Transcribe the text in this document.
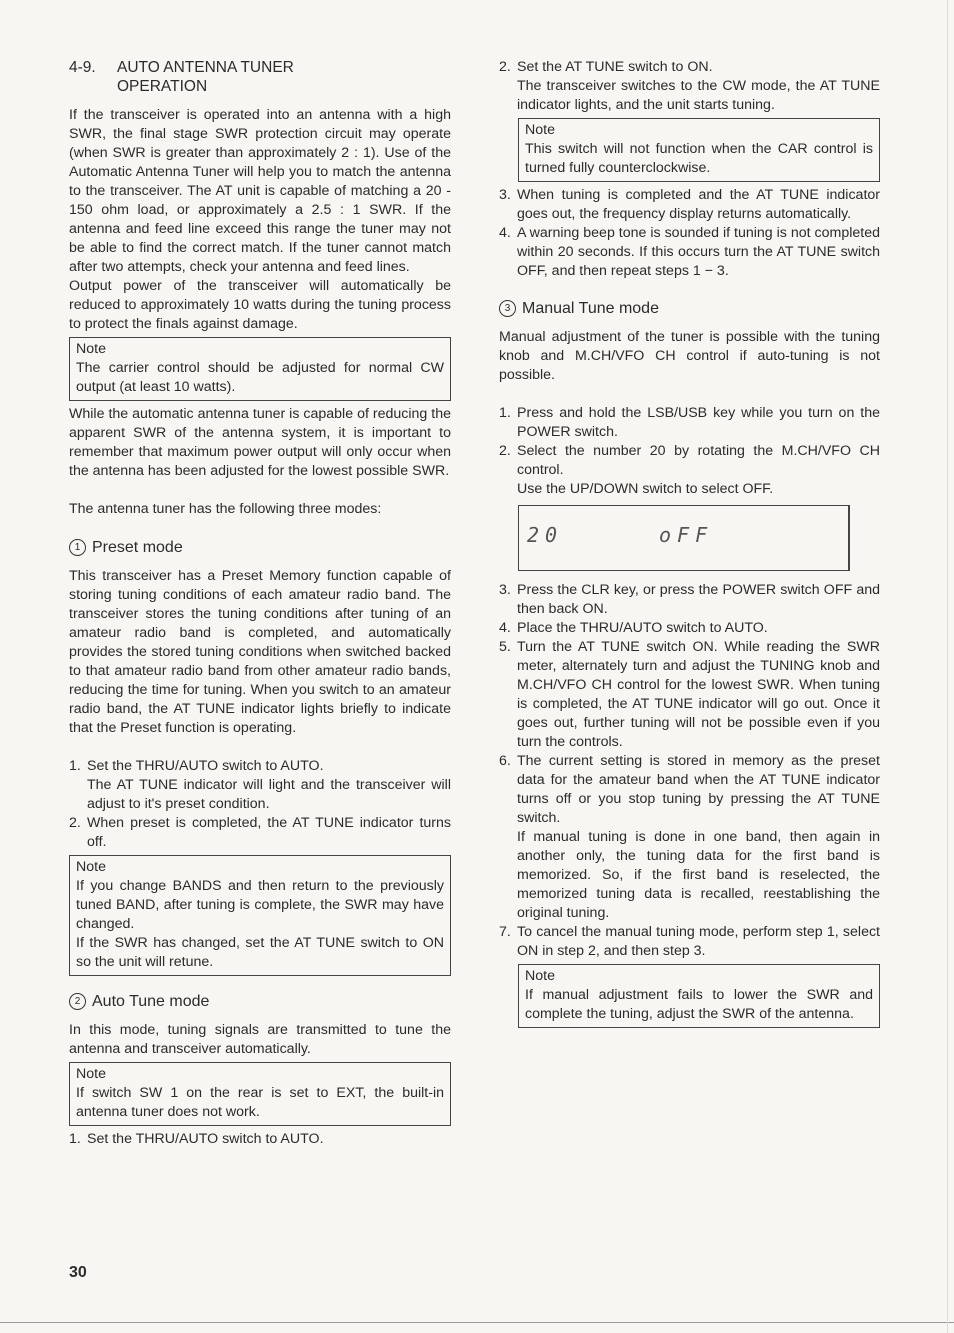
4-9.	AUTO ANTENNA TUNER
OPERATION

If the transceiver is operated into an antenna with a high SWR, the final stage SWR protection circuit may operate (when SWR is greater than approximately 2 : 1). Use of the Automatic Antenna Tuner will help you to match the antenna to the transceiver. The AT unit is capable of matching a 20 - 150 ohm load, or approximately a 2.5 : 1 SWR. If the antenna and feed line exceed this range the tuner may not be able to find the correct match. If the tuner cannot match after two attempts, check your antenna and feed lines.

Output power of the transceiver will automatically be reduced to approximately 10 watts during the tuning process to protect the finals against damage.

Note
The carrier control should be adjusted for normal CW output (at least 10 watts).

While the automatic antenna tuner is capable of reducing the apparent SWR of the antenna system, it is important to remember that maximum power output will only occur when the antenna has been adjusted for the lowest possible SWR.

The antenna tuner has the following three modes:

1 Preset mode

This transceiver has a Preset Memory function capable of storing tuning conditions of each amateur radio band. The transceiver stores the tuning conditions after tuning of an amateur radio band is completed, and automatically provides the stored tuning conditions when switched backed to that amateur radio band from other amateur radio bands, reducing the time for tuning. When you switch to an amateur radio band, the AT TUNE indicator lights briefly to indicate that the Preset function is operating.

1. Set the THRU/AUTO switch to AUTO.
The AT TUNE indicator will light and the transceiver will adjust to it's preset condition.
2. When preset is completed, the AT TUNE indicator turns off.
Note
If you change BANDS and then return to the previously tuned BAND, after tuning is complete, the SWR may have changed.
If the SWR has changed, set the AT TUNE switch to ON so the unit will retune.
2 Auto Tune mode

In this mode, tuning signals are transmitted to tune the antenna and transceiver automatically.

Note
If switch SW 1 on the rear is set to EXT, the built-in antenna tuner does not work.
1. Set the THRU/AUTO switch to AUTO.
2. Set the AT TUNE switch to ON.
The transceiver switches to the CW mode, the AT TUNE indicator lights, and the unit starts tuning.
Note
This switch will not function when the CAR control is turned fully counterclockwise.
3. When tuning is completed and the AT TUNE indicator goes out, the frequency display returns automatically.
4. A warning beep tone is sounded if tuning is not completed within 20 seconds. If this occurs turn the AT TUNE switch OFF, and then repeat steps 1 − 3.
3 Manual Tune mode

Manual adjustment of the tuner is possible with the tuning knob and M.CH/VFO CH control if auto-tuning is not possible.

1. Press and hold the LSB/USB key while you turn on the POWER switch.
2. Select the number 20 by rotating the M.CH/VFO CH control.
Use the UP/DOWN switch to select OFF.
20	oFF
3. Press the CLR key, or press the POWER switch OFF and then back ON.
4. Place the THRU/AUTO switch to AUTO.
5. Turn the AT TUNE switch ON. While reading the SWR meter, alternately turn and adjust the TUNING knob and M.CH/VFO CH control for the lowest SWR. When tuning is completed, the AT TUNE indicator will go out. Once it goes out, further tuning will not be possible even if you turn the controls.
6. The current setting is stored in memory as the preset data for the amateur band when the AT TUNE indicator turns off or you stop tuning by pressing the AT TUNE switch.
If manual tuning is done in one band, then again in another only, the tuning data for the first band is memorized. So, if the first band is reselected, the memorized tuning data is recalled, reestablishing the original tuning.
7. To cancel the manual tuning mode, perform step 1, select ON in step 2, and then step 3.
Note
If manual adjustment fails to lower the SWR and complete the tuning, adjust the SWR of the antenna.
30
